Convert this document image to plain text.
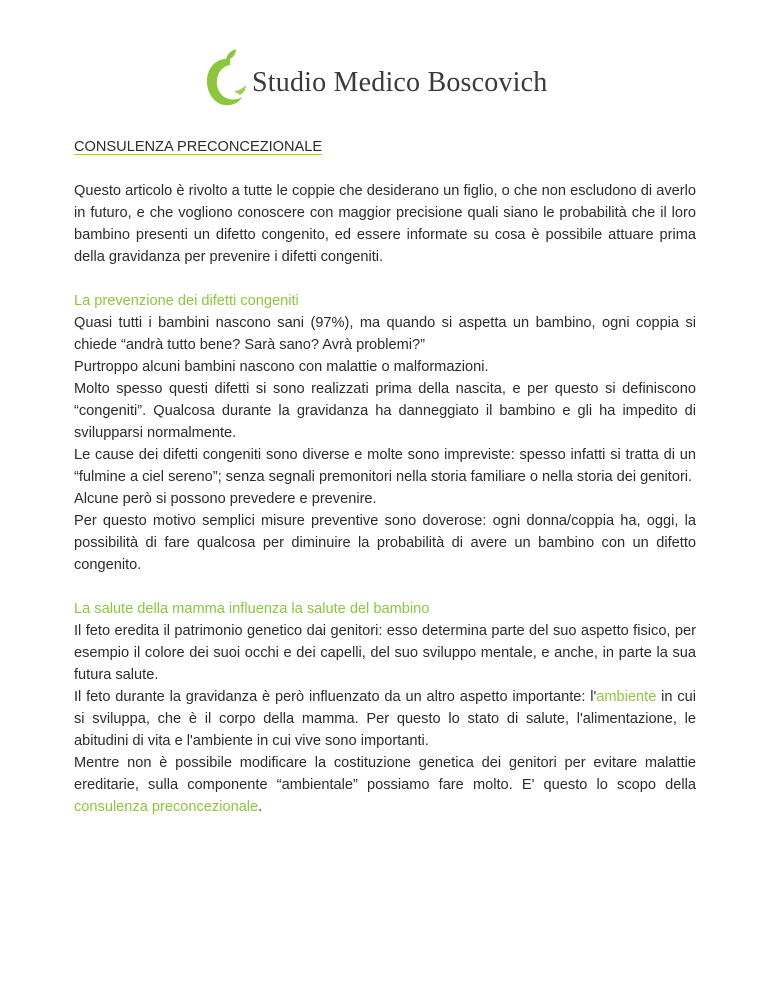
Studio Medico Boscovich
CONSULENZA PRECONCEZIONALE

Questo articolo è rivolto a tutte le coppie che desiderano un figlio, o che non escludono di averlo in futuro, e che vogliono conoscere con maggior precisione quali siano le probabilità che il loro bambino presenti un difetto congenito, ed essere informate su cosa è possibile attuare prima della gravidanza per prevenire i difetti congeniti.

La prevenzione dei difetti congeniti

Quasi tutti i bambini nascono sani (97%), ma quando si aspetta un bambino, ogni coppia si chiede “andrà tutto bene? Sarà sano? Avrà problemi?”

Purtroppo alcuni bambini nascono con malattie o malformazioni.

Molto spesso questi difetti si sono realizzati prima della nascita, e per questo si definiscono “congeniti”. Qualcosa durante la gravidanza ha danneggiato il bambino e gli ha impedito di svilupparsi normalmente.

Le cause dei difetti congeniti sono diverse e molte sono impreviste: spesso infatti si tratta di un “fulmine a ciel sereno”; senza segnali premonitori nella storia familiare o nella storia dei genitori.

Alcune però si possono prevedere e prevenire.

Per questo motivo semplici misure preventive sono doverose: ogni donna/coppia ha, oggi, la possibilità di fare qualcosa per diminuire la probabilità di avere un bambino con un difetto congenito.

La salute della mamma influenza la salute del bambino

Il feto eredita il patrimonio genetico dai genitori: esso determina parte del suo aspetto fisico, per esempio il colore dei suoi occhi e dei capelli, del suo sviluppo mentale, e anche, in parte la sua futura salute.

Il feto durante la gravidanza è però influenzato da un altro aspetto importante: l'ambiente in cui si sviluppa, che è il corpo della mamma. Per questo lo stato di salute, l'alimentazione, le abitudini di vita e l'ambiente in cui vive sono importanti.

Mentre non è possibile modificare la costituzione genetica dei genitori per evitare malattie ereditarie, sulla componente “ambientale” possiamo fare molto. E' questo lo scopo della consulenza preconcezionale.
